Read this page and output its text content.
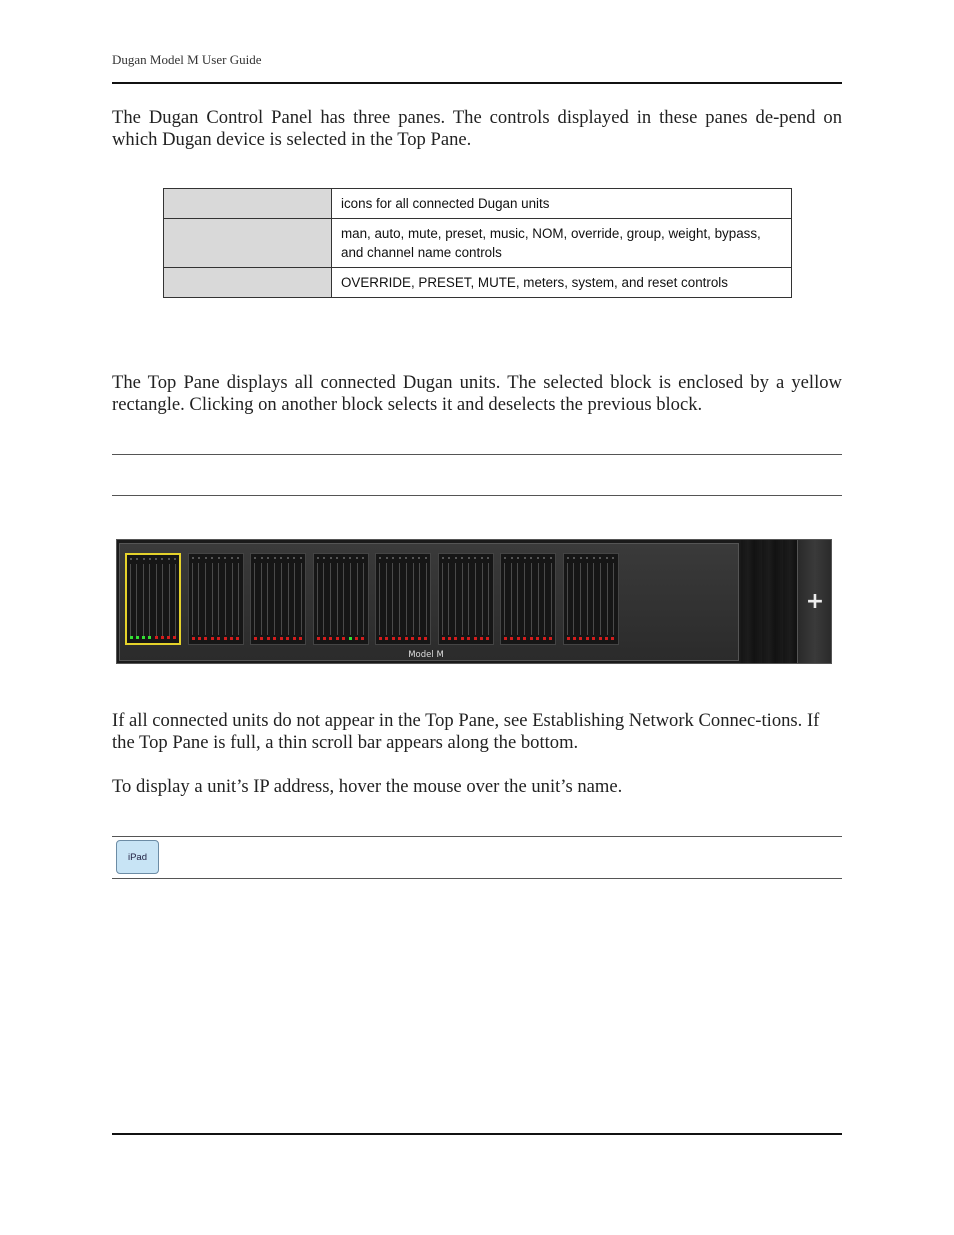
Dugan Model M User Guide
The Dugan Control Panel has three panes. The controls displayed in these panes de-pend on which Dugan device is selected in the Top Pane.
	icons for all connected Dugan units
	man, auto, mute, preset, music, NOM, override, group, weight, bypass, and channel name controls
	OVERRIDE, PRESET, MUTE, meters, system, and reset controls
The Top Pane displays all connected Dugan units. The selected block is enclosed by a yellow rectangle. Clicking on another block selects it and deselects the previous block.
Model M
+
If all connected units do not appear in the Top Pane, see Establishing Network Connec-tions. If the Top Pane is full, a thin scroll bar appears along the bottom.
To display a unit’s IP address, hover the mouse over the unit’s name.
iPad
